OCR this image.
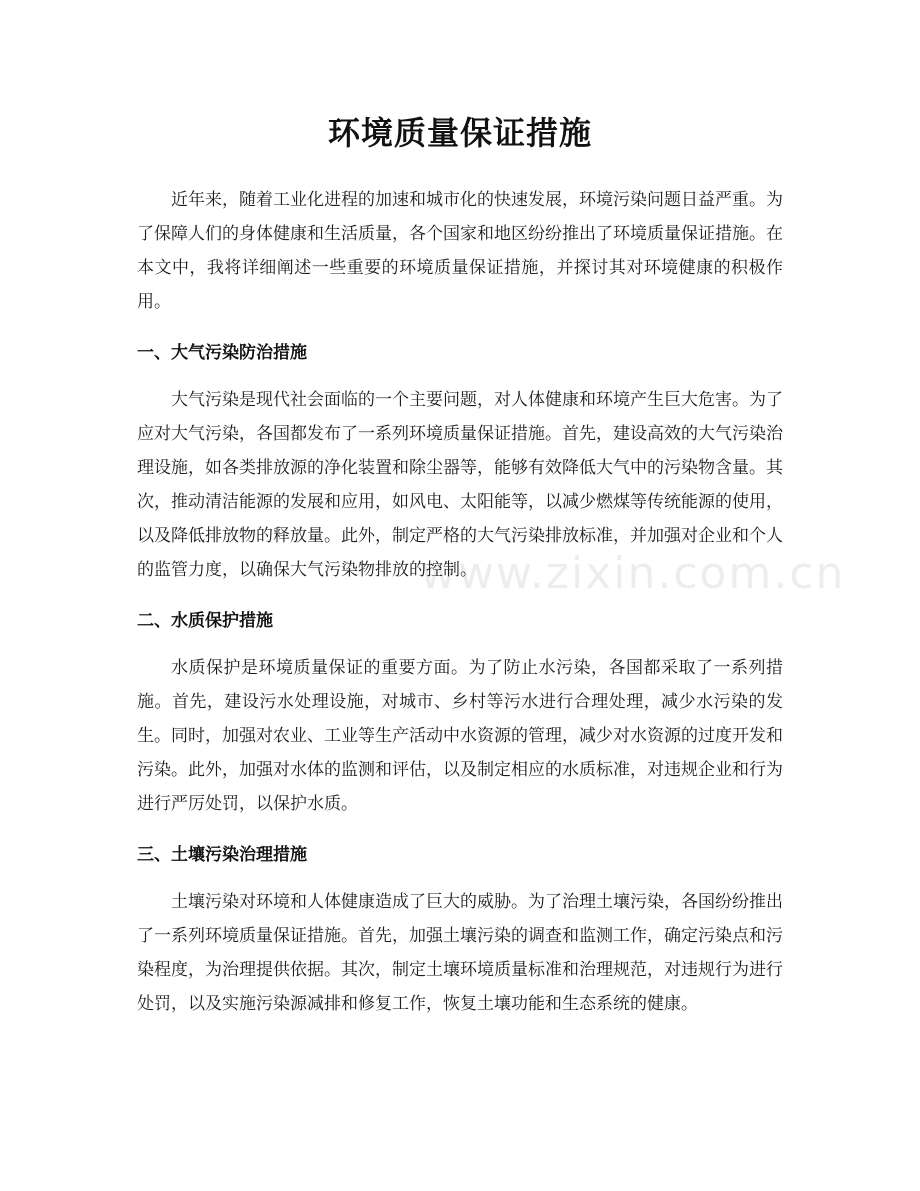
环境质量保证措施

近年来，随着工业化进程的加速和城市化的快速发展，环境污染问题日益严重。为了保障人们的身体健康和生活质量，各个国家和地区纷纷推出了环境质量保证措施。在本文中，我将详细阐述一些重要的环境质量保证措施，并探讨其对环境健康的积极作用。

一、大气污染防治措施

大气污染是现代社会面临的一个主要问题，对人体健康和环境产生巨大危害。为了应对大气污染，各国都发布了一系列环境质量保证措施。首先，建设高效的大气污染治理设施，如各类排放源的净化装置和除尘器等，能够有效降低大气中的污染物含量。其次，推动清洁能源的发展和应用，如风电、太阳能等，以减少燃煤等传统能源的使用，以及降低排放物的释放量。此外，制定严格的大气污染排放标准，并加强对企业和个人的监管力度，以确保大气污染物排放的控制。

二、水质保护措施

水质保护是环境质量保证的重要方面。为了防止水污染，各国都采取了一系列措施。首先，建设污水处理设施，对城市、乡村等污水进行合理处理，减少水污染的发生。同时，加强对农业、工业等生产活动中水资源的管理，减少对水资源的过度开发和污染。此外，加强对水体的监测和评估，以及制定相应的水质标准，对违规企业和行为进行严厉处罚，以保护水质。

三、土壤污染治理措施

土壤污染对环境和人体健康造成了巨大的威胁。为了治理土壤污染，各国纷纷推出了一系列环境质量保证措施。首先，加强土壤污染的调查和监测工作，确定污染点和污染程度，为治理提供依据。其次，制定土壤环境质量标准和治理规范，对违规行为进行处罚，以及实施污染源减排和修复工作，恢复土壤功能和生态系统的健康。

www.zixin.com.cn
